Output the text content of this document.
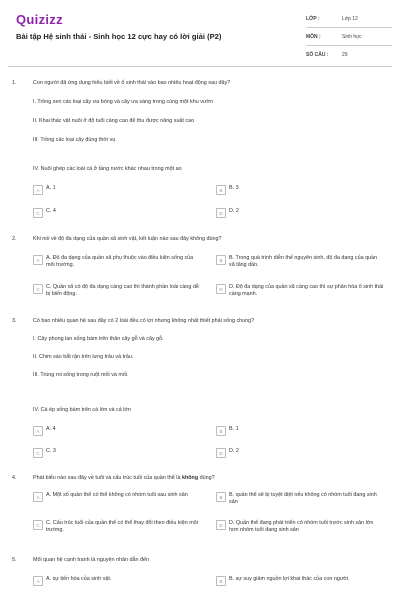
Quizizz
Bài tập Hệ sinh thái - Sinh học 12 cực hay có lời giải (P2)
LỚP :	Lớp 12
MÔN :	Sinh học
SỐ CÂU :	29
1.	Con người đã ứng dụng hiểu biết về ổ sinh thái vào bao nhiêu hoạt động sau đây?
I. Trồng xen các loại cây ưa bóng và cây ưa sáng trong cùng một khu vườn
II. Khai thác vật nuôi ở độ tuổi càng cao để thu được năng suất cao
III. Trồng các loại cây đúng thời vụ
IV. Nuôi ghép các loài cá ở tầng nước khác nhau trong một ao
A	A. 1	B	B. 3
C	C. 4	D	D. 2
2.	Khi nói về độ đa dạng của quần xã sinh vật, kết luận nào sau đây không đúng?
A	A. Độ đa dạng của quần xã phụ thuộc vào điều kiện sống của môi trường.
B	B. Trong quá trình diễn thế nguyên sinh, độ đa dạng của quần xã tăng dần.
C	C. Quần xã có độ đa dạng càng cao thì thành phần loài càng dễ bị biến động.
D	D. Độ đa dạng của quần xã càng cao thì sự phân hóa ổ sinh thái càng mạnh.
3.	Có bao nhiêu quan hệ sau đây có 2 loài đều có lợi nhưng không nhất thiết phải sống chung?
I. Cây phong lan sống bám trên thân cây gỗ và cây gỗ.
II. Chim sáo bắt rận trên lưng trâu và trâu.
III. Trùng roi sống trong ruột mối và mối.
IV. Cá ép sống bám trên cá lớn và cá lớn
A	A. 4	B	B. 1
C	C. 3	D	D. 2
4.	Phát biểu nào sau đây về tuổi và cấu trúc tuổi của quần thể là không đúng?
A	A. Một số quần thể có thể không có nhóm tuổi sau sinh sản	B	B. quần thể sẽ bị tuyệt diệt nếu không có nhóm tuổi đang sinh sản
C	C. Cấu trúc tuổi của quần thể có thể thay đổi theo điều kiện môi trường.
D	D. Quần thể đang phát triển có nhóm tuổi trước sinh sản lớn hơn nhóm tuổi đang sinh sản
5.	Mối quan hệ cạnh tranh là nguyên nhân dẫn đến
A	A. sự tiến hóa của sinh vật.	B	B. sự suy giảm nguồn lợi khai thác của con người.
